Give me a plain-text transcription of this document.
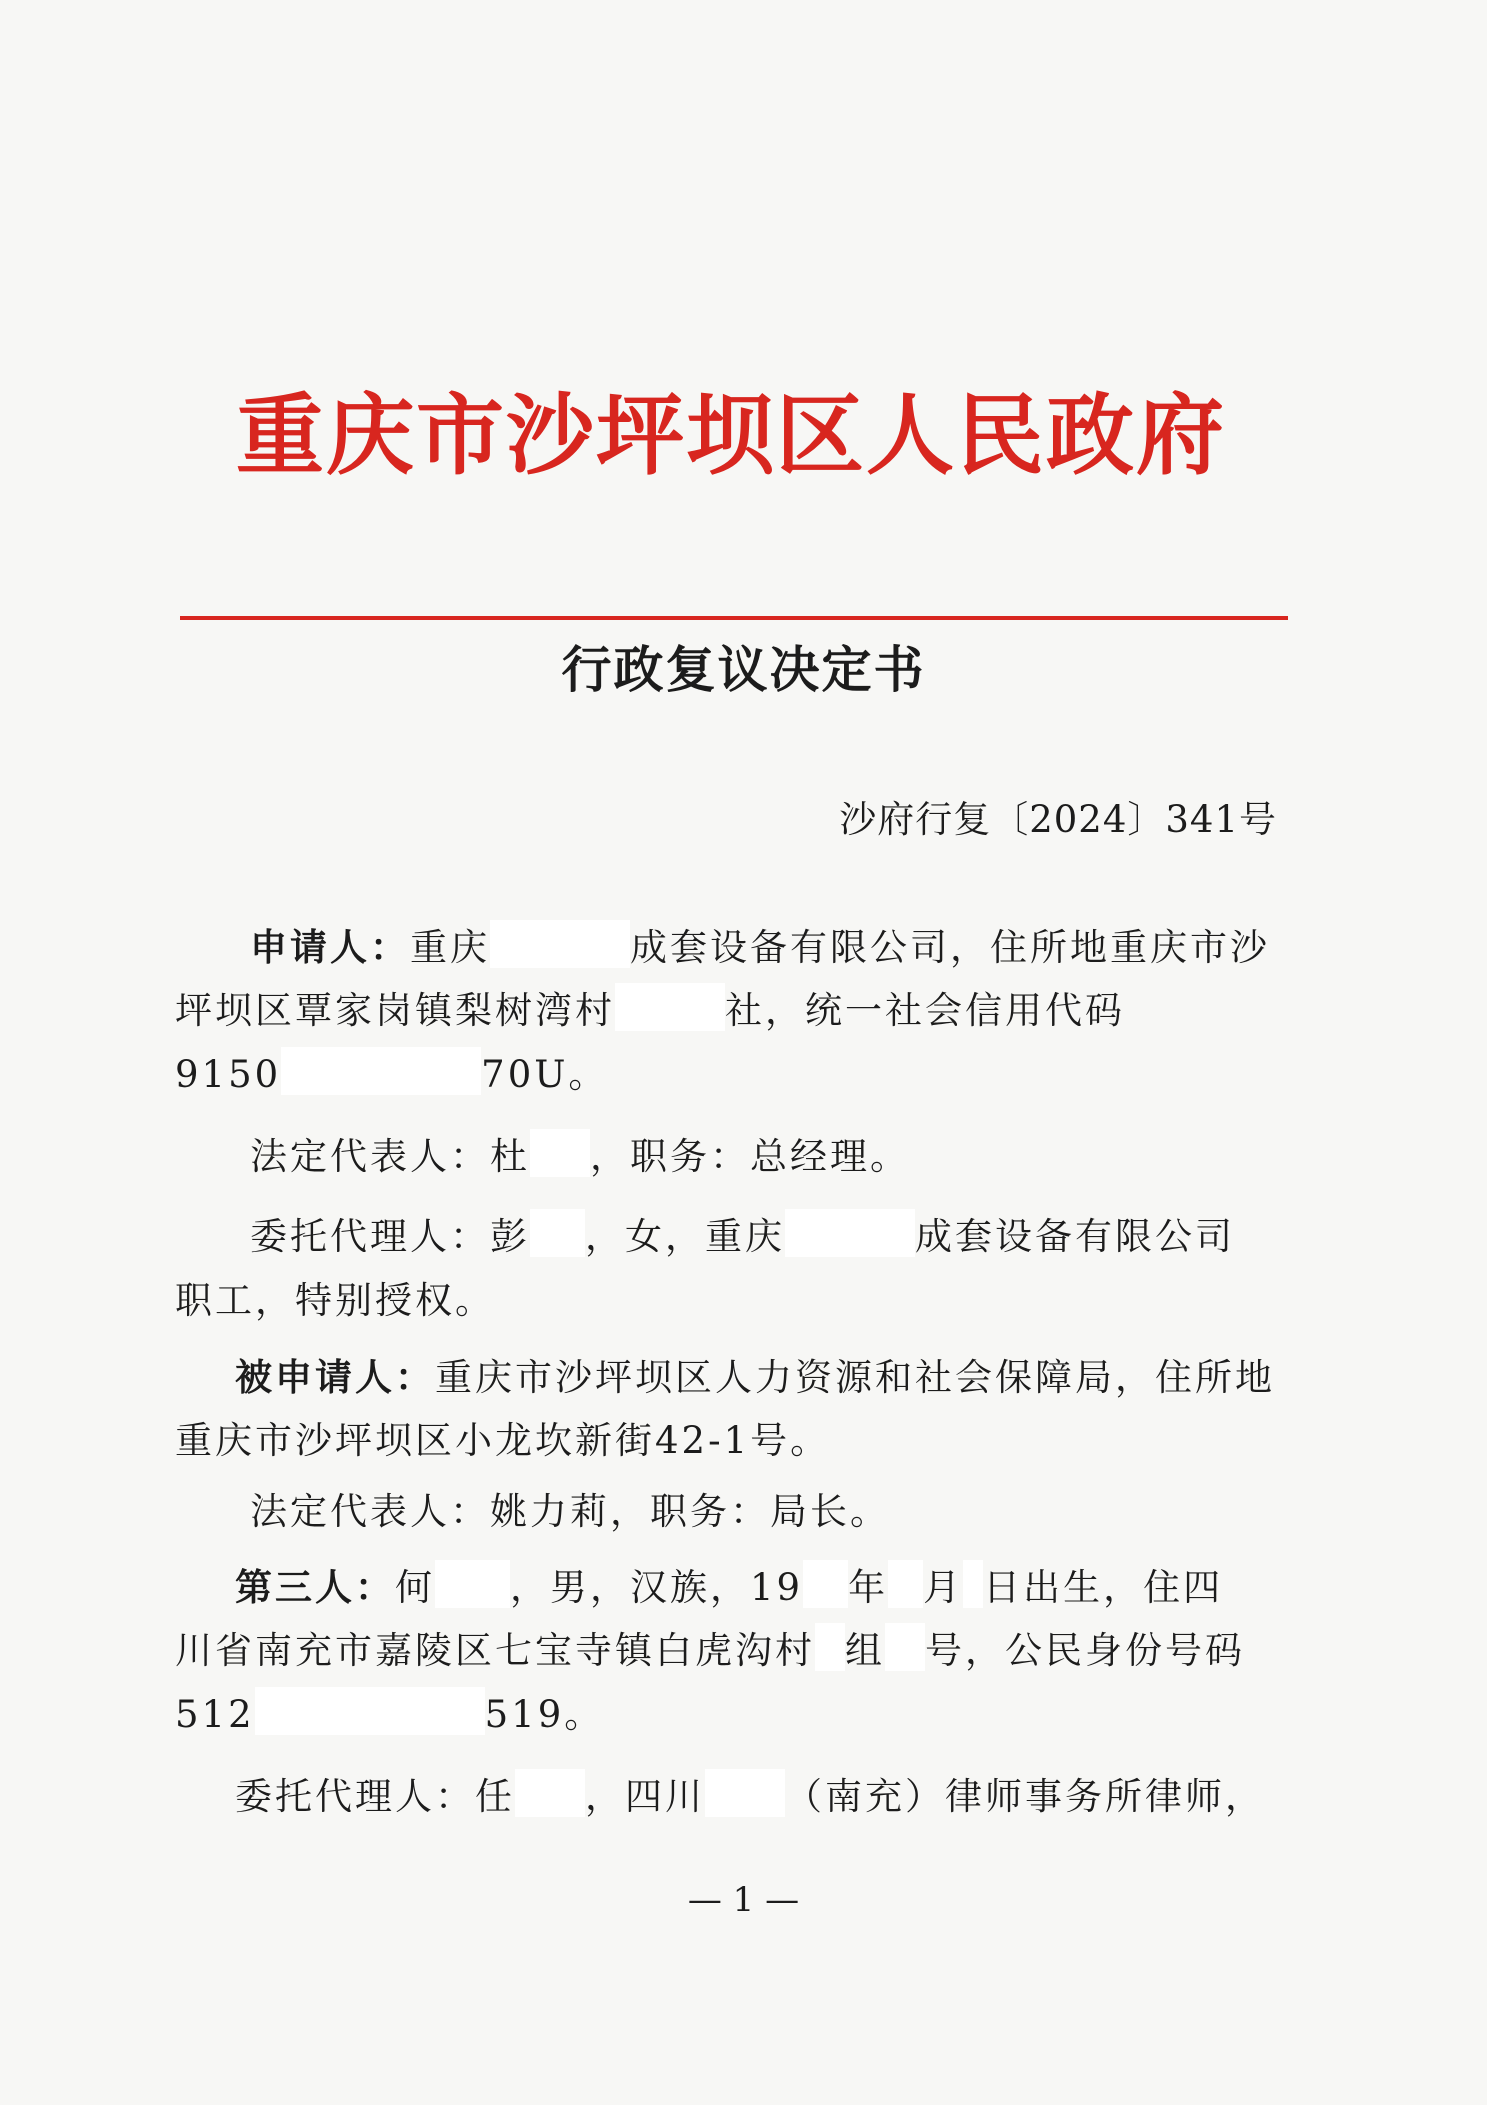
重庆市沙坪坝区人民政府
行政复议决定书
沙府行复〔2024〕341号
申请人：重庆	成套设备有限公司，住所地重庆市沙
坪坝区覃家岗镇梨树湾村	社，统一社会信用代码
9150	70U。
法定代表人：杜 ，职务：总经理。
委托代理人：彭 ，女，重庆	成套设备有限公司
职工，特别授权。
被申请人：重庆市沙坪坝区人力资源和社会保障局，住所地
重庆市沙坪坝区小龙坎新街42-1号。
法定代表人：姚力莉，职务：局长。
第三人：何 ，男，汉族，19 年 月 日出生，住四
川省南充市嘉陵区七宝寺镇白虎沟村 组 号，公民身份号码
512	519。
委托代理人：任 ，四川 （南充）律师事务所律师，
— 1 —
